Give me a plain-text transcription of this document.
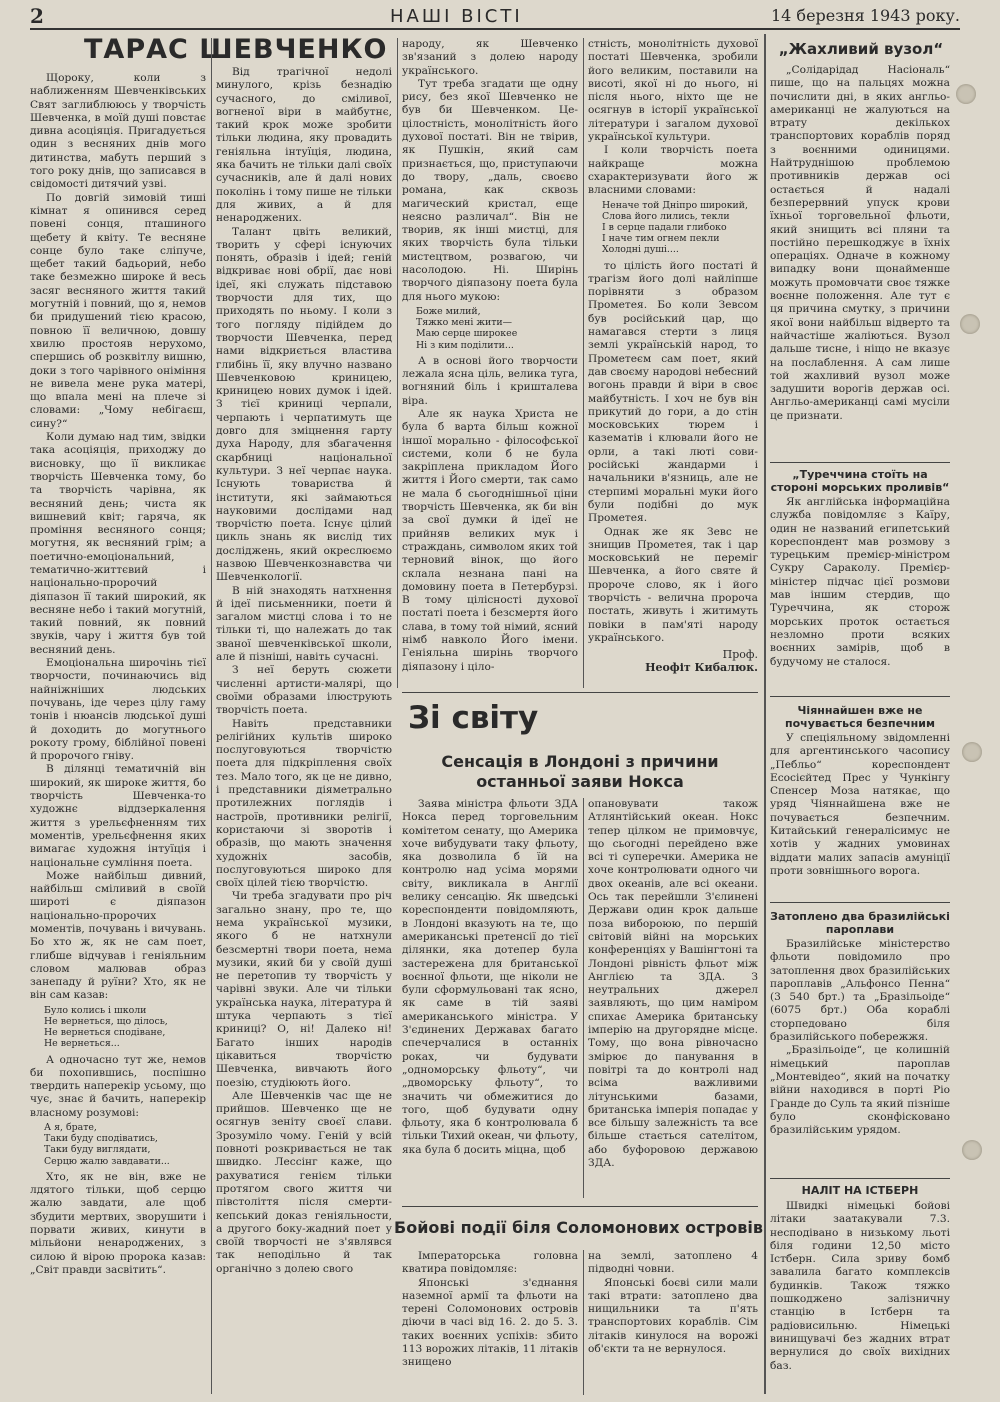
2	НАШІ ВІСТІ	14 березня 1943 року.
ТАРАС ШЕВЧЕНКО

Щороку, коли з наближенням Шевченківських Свят заглиблююсь у творчість Шевченка, в моїй душі повстає дивна асоціяція. Пригадується один з весняних днів мого дитинства, мабуть перший з того року днів, що записався в свідомості дитячий узві.

По довгій зимовій тиші кімнат я опинився серед повені сонця, пташиного щебету й квіту. Те весняне сонце було таке сліпуче, щебет такий бадьорий, небо таке безмежно широке й весь засяг весняного життя такий могутній і повний, що я, немов би придушений тією красою, повною її величною, довшу хвилю простояв нерухомо, спершись об розквітлу вишню, доки з того чарівного оніміння не вивела мене рука матері, що впала мені на плече зі словами: „Чому небігаєш, сину?“

Коли думаю над тим, звідки така асоціяція, приходжу до висновку, що її викликає творчість Шевченка тому, бо та творчість чарівна, як весняний день; чиста як вишневий квіт; гаряча, як проміння весняного сонця; могутня, як весняний грім; а поетично-емоціональний, тематично-життєвий і національно-пророчий діяпазон її такий широкий, як весняне небо і такий могутній, такий повний, як повний звуків, чару і життя був той весняний день.

Емоціональна широчінь тієї творчости, починаючись від найніжніших людських почувань, іде через цілу гаму тонів і нюансів людської душі й доходить до могутнього рокоту грому, біблійної повені й пророчого гніву.

В ділянці тематичній він широкий, як широке життя, бо творчість Шевченка-то художнє віддзеркалення життя з урельєфненням тих моментів, урельєфнення яких вимагає художня інтуїція і національне сумління поета.

Може найбільш дивний, найбільш сміливий в своїй широті є діяпазон національно-пророчих моментів, почувань і вичувань. Бо хто ж, як не сам поет, глибше відчував і геніяльним словом малював образ занепаду й руїни? Хто, як не він сам казав:

Було колись і школи
Не вернеться, що ділось,
Не вернеться сподіване,
Не вернеться...

А одночасно тут же, немов би похопившись, поспішно твердить наперекір усьому, що чує, знає й бачить, наперекір власному розумові:

А я, брате,
Таки буду сподіватись,
Таки буду виглядати,
Серцю жалю завдавати...

Хто, як не він, вже не лдятого тільки, щоб серцю жалю завдати, але щоб збудити мертвих, зворушити і порвати живих, кинути в мільйони ненароджених, з силою й вірою пророка казав: „Світ правди засвітить“.

Від трагічної недолі минулого, крізь безнадію сучасного, до сміливої, вогненої віри в майбутнє, такий крок може зробити тільки людина, яку провадить геніяльна інтуїція, людина, яка бачить не тільки далі своїх сучасників, але й далі нових поколінь і тому пише не тільки для живих, а й для ненароджених.

Талант цвіть великий, творить у сфері існуючих понять, образів і ідей; геній відкриває нові обрії, дає нові ідеї, які служать підставою творчости для тих, що приходять по ньому. І коли з того погляду підійдем до творчости Шевченка, перед нами відкриється властива глибінь її, яку влучно названо Шевченковою криницею, криницею нових думок і ідей. З тієї криниці черпали, черпають і черпатимуть ще довго для зміцнення гарту духа Народу, для збагачення скарбниці національної культури. З неї черпає наука. Існують товариства й інститути, які займаються науковими дослідами над творчістю поета. Існує цілий цикль знань як вислід тих досліджень, який окреслюємо назвою Шевченкознавства чи Шевченкології.

В ній знаходять натхнення й ідеї письменники, поети й загалом мистці слова і то не тільки ті, що належать до так званої шевченківської школи, але й пізніші, навіть сучасні.

З неї беруть сюжети численні артисти-малярі, що своїми образами ілюструють творчість поета.

Навіть представники релігійних культів широко послуговуються творчістю поета для підкріплення своїх тез. Мало того, як це не дивно, і представники діяметрально протилежних поглядів і настроїв, противники релігії, користаючи зі зворотів і образів, що мають значення художніх засобів, послуговуються широко для своїх цілей тією творчістю.

Чи треба згадувати про річ загально знану, про те, що нема української музики, якого б не натхнули безсмертні твори поета, нема музики, який би у своїй душі не перетопив ту творчість у чарівні звуки. Але чи тільки українська наука, література й штука черпають з тієї криниці? О, ні! Далеко ні! Багато інших народів цікавиться творчістю Шевченка, вивчають його поезію, студіюють його.

Але Шевченків час ще не прийшов. Шевченко ще не осягнув зеніту своєї слави. Зрозуміло чому. Геній у всій повноті розкривається не так швидко. Лессінг каже, що рахуватися генієм тільки протягом свого життя чи півстоліття після смерти-кепський доказ геніяльности, а другого боку-жадний поет у своїй творчості не з'являвся так неподільно й так органічно з долею свого

народу, як Шевченко зв'язаний з долею народу українського.

Тут треба згадати ще одну рису, без якої Шевченко не був би Шевченком. Це-цілостність, монолітність його духової постаті. Він не твірив, як Пушкін, який сам признається, що, приступаючи до твору, „даль, своєво романа, как сквозь магический кристал, еще неясно различал“. Він не творив, як інші мистці, для яких творчість була тільки мистецтвом, розвагою, чи насолодою. Ні. Ширінь творчого діяпазону поета була для нього мукою:

Боже милий,
Тяжко мені жити—
Маю серце широкее
Ні з ким поділити...

А в основі його творчости лежала ясна ціль, велика туга, вогняний біль і кришталева віра.

Але як наука Христа не була б варта більш кожної іншої морально - філософської системи, коли б не була закріплена прикладом Його життя і Його смерти, так само не мала б сьогоднішньої ціни творчість Шевченка, як би він за свої думки й ідеї не прийняв великих мук і страждань, символом яких той терновий вінок, що його склала незнана пані на домовину поета в Петербурзі. В тому цілісності духової постаті поета і безсмертя його слава, в тому той німий, ясний німб навколо Його імени. Геніяльна ширінь творчого діяпазону і ціло-

стність, монолітність духової постаті Шевченка, зробили його великим, поставили на висоті, якої ні до нього, ні після нього, ніхто ще не осягнув в історії української літератури і загалом духової української культури.

І коли творчість поета найкраще можна схарактеризувати його ж власними словами:

Неначе той Дніпро широкий,
Слова його лились, текли
І в серце падали глибоко
І наче тим огнем пекли
Холодні душі....

то цілість його постаті й трагізм його долі найліпше порівняти з образом Прометея. Бо коли Зевсом був російський цар, що намагався стерти з лиця землі українській народ, то Прометеєм сам поет, який дав своєму народові небесний вогонь правди й віри в своє майбутність. І хоч не був він прикутий до гори, а до стін московських тюрем і казематів і клювали його не орли, а такі люті сови-російські жандарми і начальники в'язниць, але не стерпимі моральні муки його були подібні до мук Прометея.

Однак же як Зевс не знищив Прометея, так і цар московський не переміг Шевченка, а його святе й пророче слово, як і його творчість - велична пророча постать, живуть і житимуть повіки в пам'яті народу українського.

Проф.
Неофіт Кибалюк.
Зі світу
Сенсація в Лондоні з причини останньої заяви Нокса

Заява міністра фльоти ЗДА Нокса перед торговельним комітетом сенату, що Америка хоче вибудувати таку фльоту, яка дозволила б їй на контролю над усіма морями світу, викликала в Англії велику сенсацію. Як шведські кореспонденти повідомляють, в Лондоні вказують на те, що американські претенсії до тієї ділянки, яка дотепер була застережена для британської воєнної фльоти, ще ніколи не були сформульовані так ясно, як саме в тій заяві американського міністра. У З'єдинених Державах багато спечерчалися в останніх роках, чи будувати „одноморську фльоту“, чи „двоморську фльоту“, то значить чи обмежитися до того, щоб будувати одну фльоту, яка б контролювала б тільки Тихий океан, чи фльоту, яка була б досить міцна, щоб

опановувати також Атлянтійський океан. Нокс тепер цілком не примовчує, що сьогодні перейдено вже всі ті суперечки. Америка не хоче контролювати одного чи двох океанів, але всі океани. Ось так перейшли З'єлинені Держави один крок дальше поза вибороюю, по першій світовій війні на морських конференціях у Вашінгтоні та Лондоні рівність фльот між Англією та ЗДА. З неутральних джерел заявляють, що цим наміром спихає Америка британську імперію на другорядне місце. Тому, що вона рівночасно змірює до панування в повітрі та до контролі над всіма важливими літунськими базами, британська імперія попадає у все більшу залежність та все більше стається сателітом, або буфоровою державою ЗДА.

Бойові події біля Соломонових островів

Імператорська головна кватира повідомляє:

Японські з'єднання наземної армії та фльоти на терені Соломонових островів діючи в часі від 16. 2. до 5. 3. таких воєнних успіхів: збито 113 ворожих літаків, 11 літаків знищено

на землі, затоплено 4 підводні човни.

Японські боєві сили мали такі втрати: затоплено два нищильники та п'ять транспортових кораблів. Сім літаків кинулося на ворожі об'єкти та не вернулося.

„Жахливий вузол“

„Солідарідад Насіональ“ пише, що на пальцях можна почислити дні, в яких англьо-американці не жалуються на втрату декількох транспортових кораблів поряд з воєнними одиницями. Найтруднішою проблемою противників держав осі остається й надалі безперервний упуск крови їхньої торговельної фльоти, який знищить всі пляни та постійно перешкоджує в їхніх операціях. Одначе в кожному випадку вони щонайменше можуть промовчати своє тяжке воєнне положення. Але тут є ця причина смутку, з причини якої вони найбільш відверто та найчастіше жаліються. Вузол дальше тисне, і ніщо не вказує на послаблення. А сам лише той жахливий вузол може задушити ворогів держав осі. Англьо-американці самі мусіли це признати.

„Туреччина стоїть на стороні морських проливів“

Як англійська інформаційна служба повідомляє з Каїру, один не названий египетський кореспондент мав розмову з турецьким премієр-міністром Сукру Сараколу. Премієр-міністер підчас цієї розмови мав іншим стердив, що Туреччина, як сторож морських проток остається незломно проти всяких воєнних замірів, щоб в будучому не сталося.

Чіяннайшен вже не почувається безпечним

У спеціяльному звідомленні для аргентинського часопису „Пебльо“ кореспондент Есосієйтед Прес у Чункінгу Спенсер Моза натякає, що уряд Чіяннайшена вже не почувається безпечним. Китайський генералісимус не хотів у жадних умовинах віддати малих запасів амуніції проти зовнішнього ворога.

Затоплено два бразилійські пароплави

Бразилійське міністерство фльоти повідомило про затоплення двох бразилійських пароплавів „Альфонсо Пенна“ (3 540 брт.) та „Бразільоіде“ (6075 брт.) Оба кораблі сторпедовано біля бразилійського побережжя.

„Бразільоіде“, це колишній німецький пароплав „Монтевідео“, який на початку війни находився в порті Ріо Гранде до Суль та який пізніше було сконфісковано бразилійським урядом.

НАЛІТ НА ІСТБЕРН

Швидкі німецькі бойові літаки заатакували 7.3. несподівано в низькому льоті біля години 12,50 місто Істберн. Сила зриву бомб завалила багато комплексів будинків. Також тяжко пошкоджено залізничну станцію в Істберн та радіовисильню. Німецькі винищувачі без жадних втрат вернулися до своїх вихідних баз.
